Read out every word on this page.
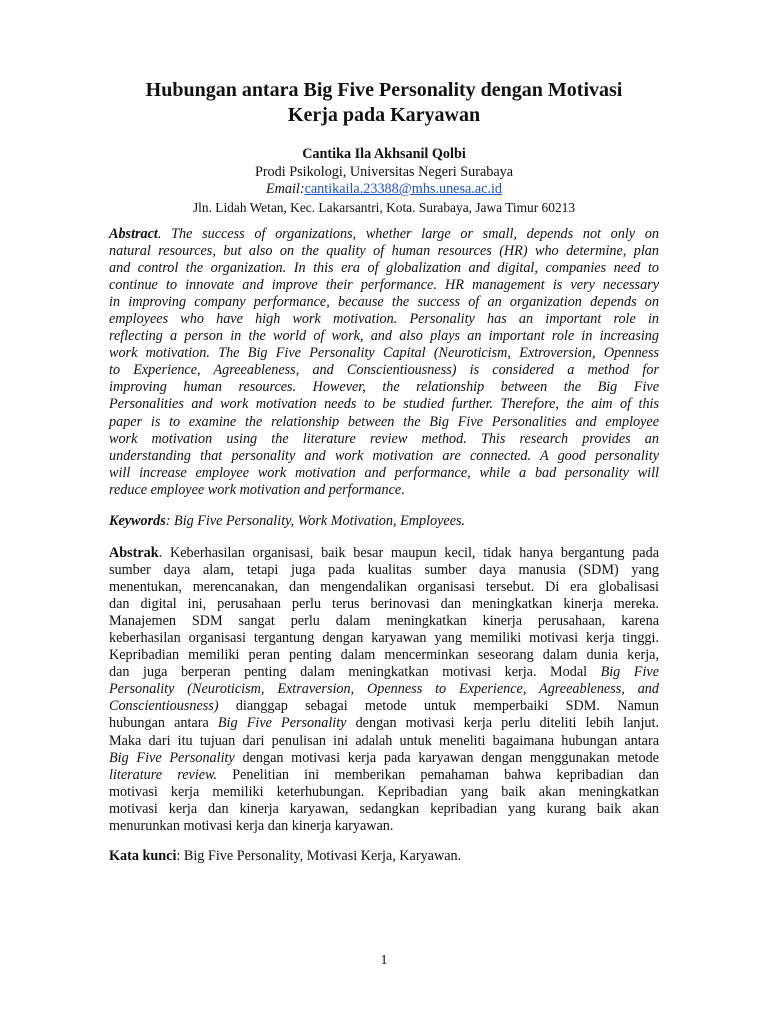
Hubungan antara Big Five Personality dengan Motivasi
Kerja pada Karyawan
Cantika Ila Akhsanil Qolbi
Prodi Psikologi, Universitas Negeri Surabaya
Email:cantikaila.23388@mhs.unesa.ac.id
Jln. Lidah Wetan, Kec. Lakarsantri, Kota. Surabaya, Jawa Timur 60213
Abstract. The success of organizations, whether large or small, depends not only on
natural resources, but also on the quality of human resources (HR) who determine, plan
and control the organization. In this era of globalization and digital, companies need to
continue to innovate and improve their performance. HR management is very necessary
in improving company performance, because the success of an organization depends on
employees who have high work motivation. Personality has an important role in
reflecting a person in the world of work, and also plays an important role in increasing
work motivation. The Big Five Personality Capital (Neuroticism, Extroversion, Openness
to Experience, Agreeableness, and Conscientiousness) is considered a method for
improving human resources. However, the relationship between the Big Five
Personalities and work motivation needs to be studied further. Therefore, the aim of this
paper is to examine the relationship between the Big Five Personalities and employee
work motivation using the literature review method. This research provides an
understanding that personality and work motivation are connected. A good personality
will increase employee work motivation and performance, while a bad personality will
reduce employee work motivation and performance.
Keywords: Big Five Personality, Work Motivation, Employees.
Abstrak. Keberhasilan organisasi, baik besar maupun kecil, tidak hanya bergantung pada
sumber daya alam, tetapi juga pada kualitas sumber daya manusia (SDM) yang
menentukan, merencanakan, dan mengendalikan organisasi tersebut. Di era globalisasi
dan digital ini, perusahaan perlu terus berinovasi dan meningkatkan kinerja mereka.
Manajemen SDM sangat perlu dalam meningkatkan kinerja perusahaan, karena
keberhasilan organisasi tergantung dengan karyawan yang memiliki motivasi kerja tinggi.
Kepribadian memiliki peran penting dalam mencerminkan seseorang dalam dunia kerja,
dan juga berperan penting dalam meningkatkan motivasi kerja. Modal Big Five
Personality (Neuroticism, Extraversion, Openness to Experience, Agreeableness, and
Conscientiousness) dianggap sebagai metode untuk memperbaiki SDM. Namun
hubungan antara Big Five Personality dengan motivasi kerja perlu diteliti lebih lanjut.
Maka dari itu tujuan dari penulisan ini adalah untuk meneliti bagaimana hubungan antara
Big Five Personality dengan motivasi kerja pada karyawan dengan menggunakan metode
literature review. Penelitian ini memberikan pemahaman bahwa kepribadian dan
motivasi kerja memiliki keterhubungan. Kepribadian yang baik akan meningkatkan
motivasi kerja dan kinerja karyawan, sedangkan kepribadian yang kurang baik akan
menurunkan motivasi kerja dan kinerja karyawan.
Kata kunci: Big Five Personality, Motivasi Kerja, Karyawan.
1
